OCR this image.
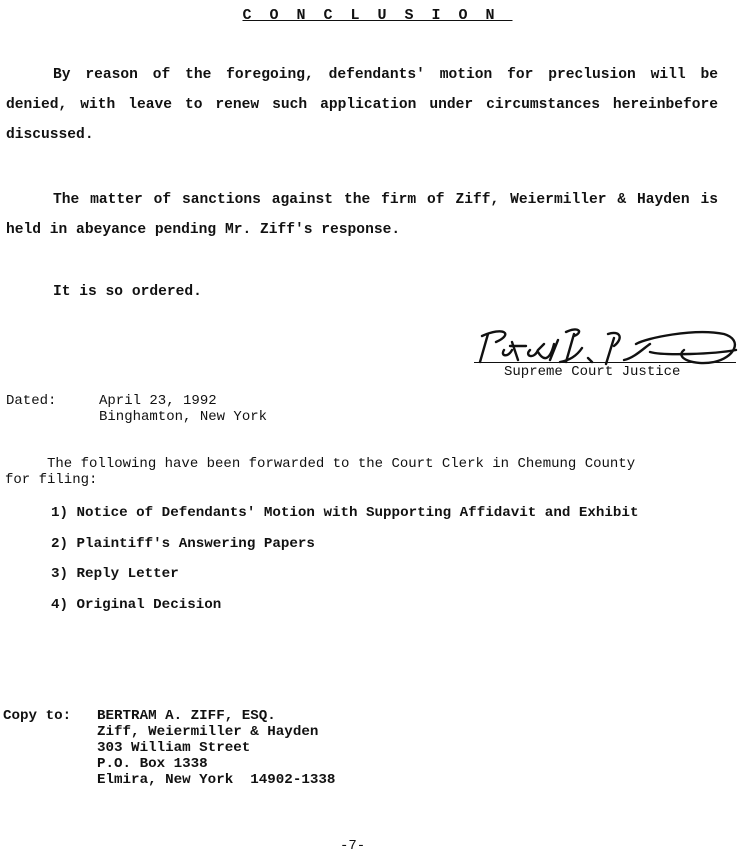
CONCLUSION
By reason of the foregoing, defendants' motion for preclusion will be denied, with leave to renew such application under circumstances hereinbefore discussed.
The matter of sanctions against the firm of Ziff, Weiermiller & Hayden is held in abeyance pending Mr. Ziff's response.
It is so ordered.
Supreme Court Justice
Dated:	April 23, 1992
Binghamton, New York
The following have been forwarded to the Court Clerk in Chemung County
for filing:
1) Notice of Defendants' Motion with Supporting Affidavit and Exhibit
2) Plaintiff's Answering Papers
3) Reply Letter
4) Original Decision
Copy to: BERTRAM A. ZIFF, ESQ.
Ziff, Weiermiller & Hayden
303 William Street
P.O. Box 1338
Elmira, New York  14902-1338
-7-
